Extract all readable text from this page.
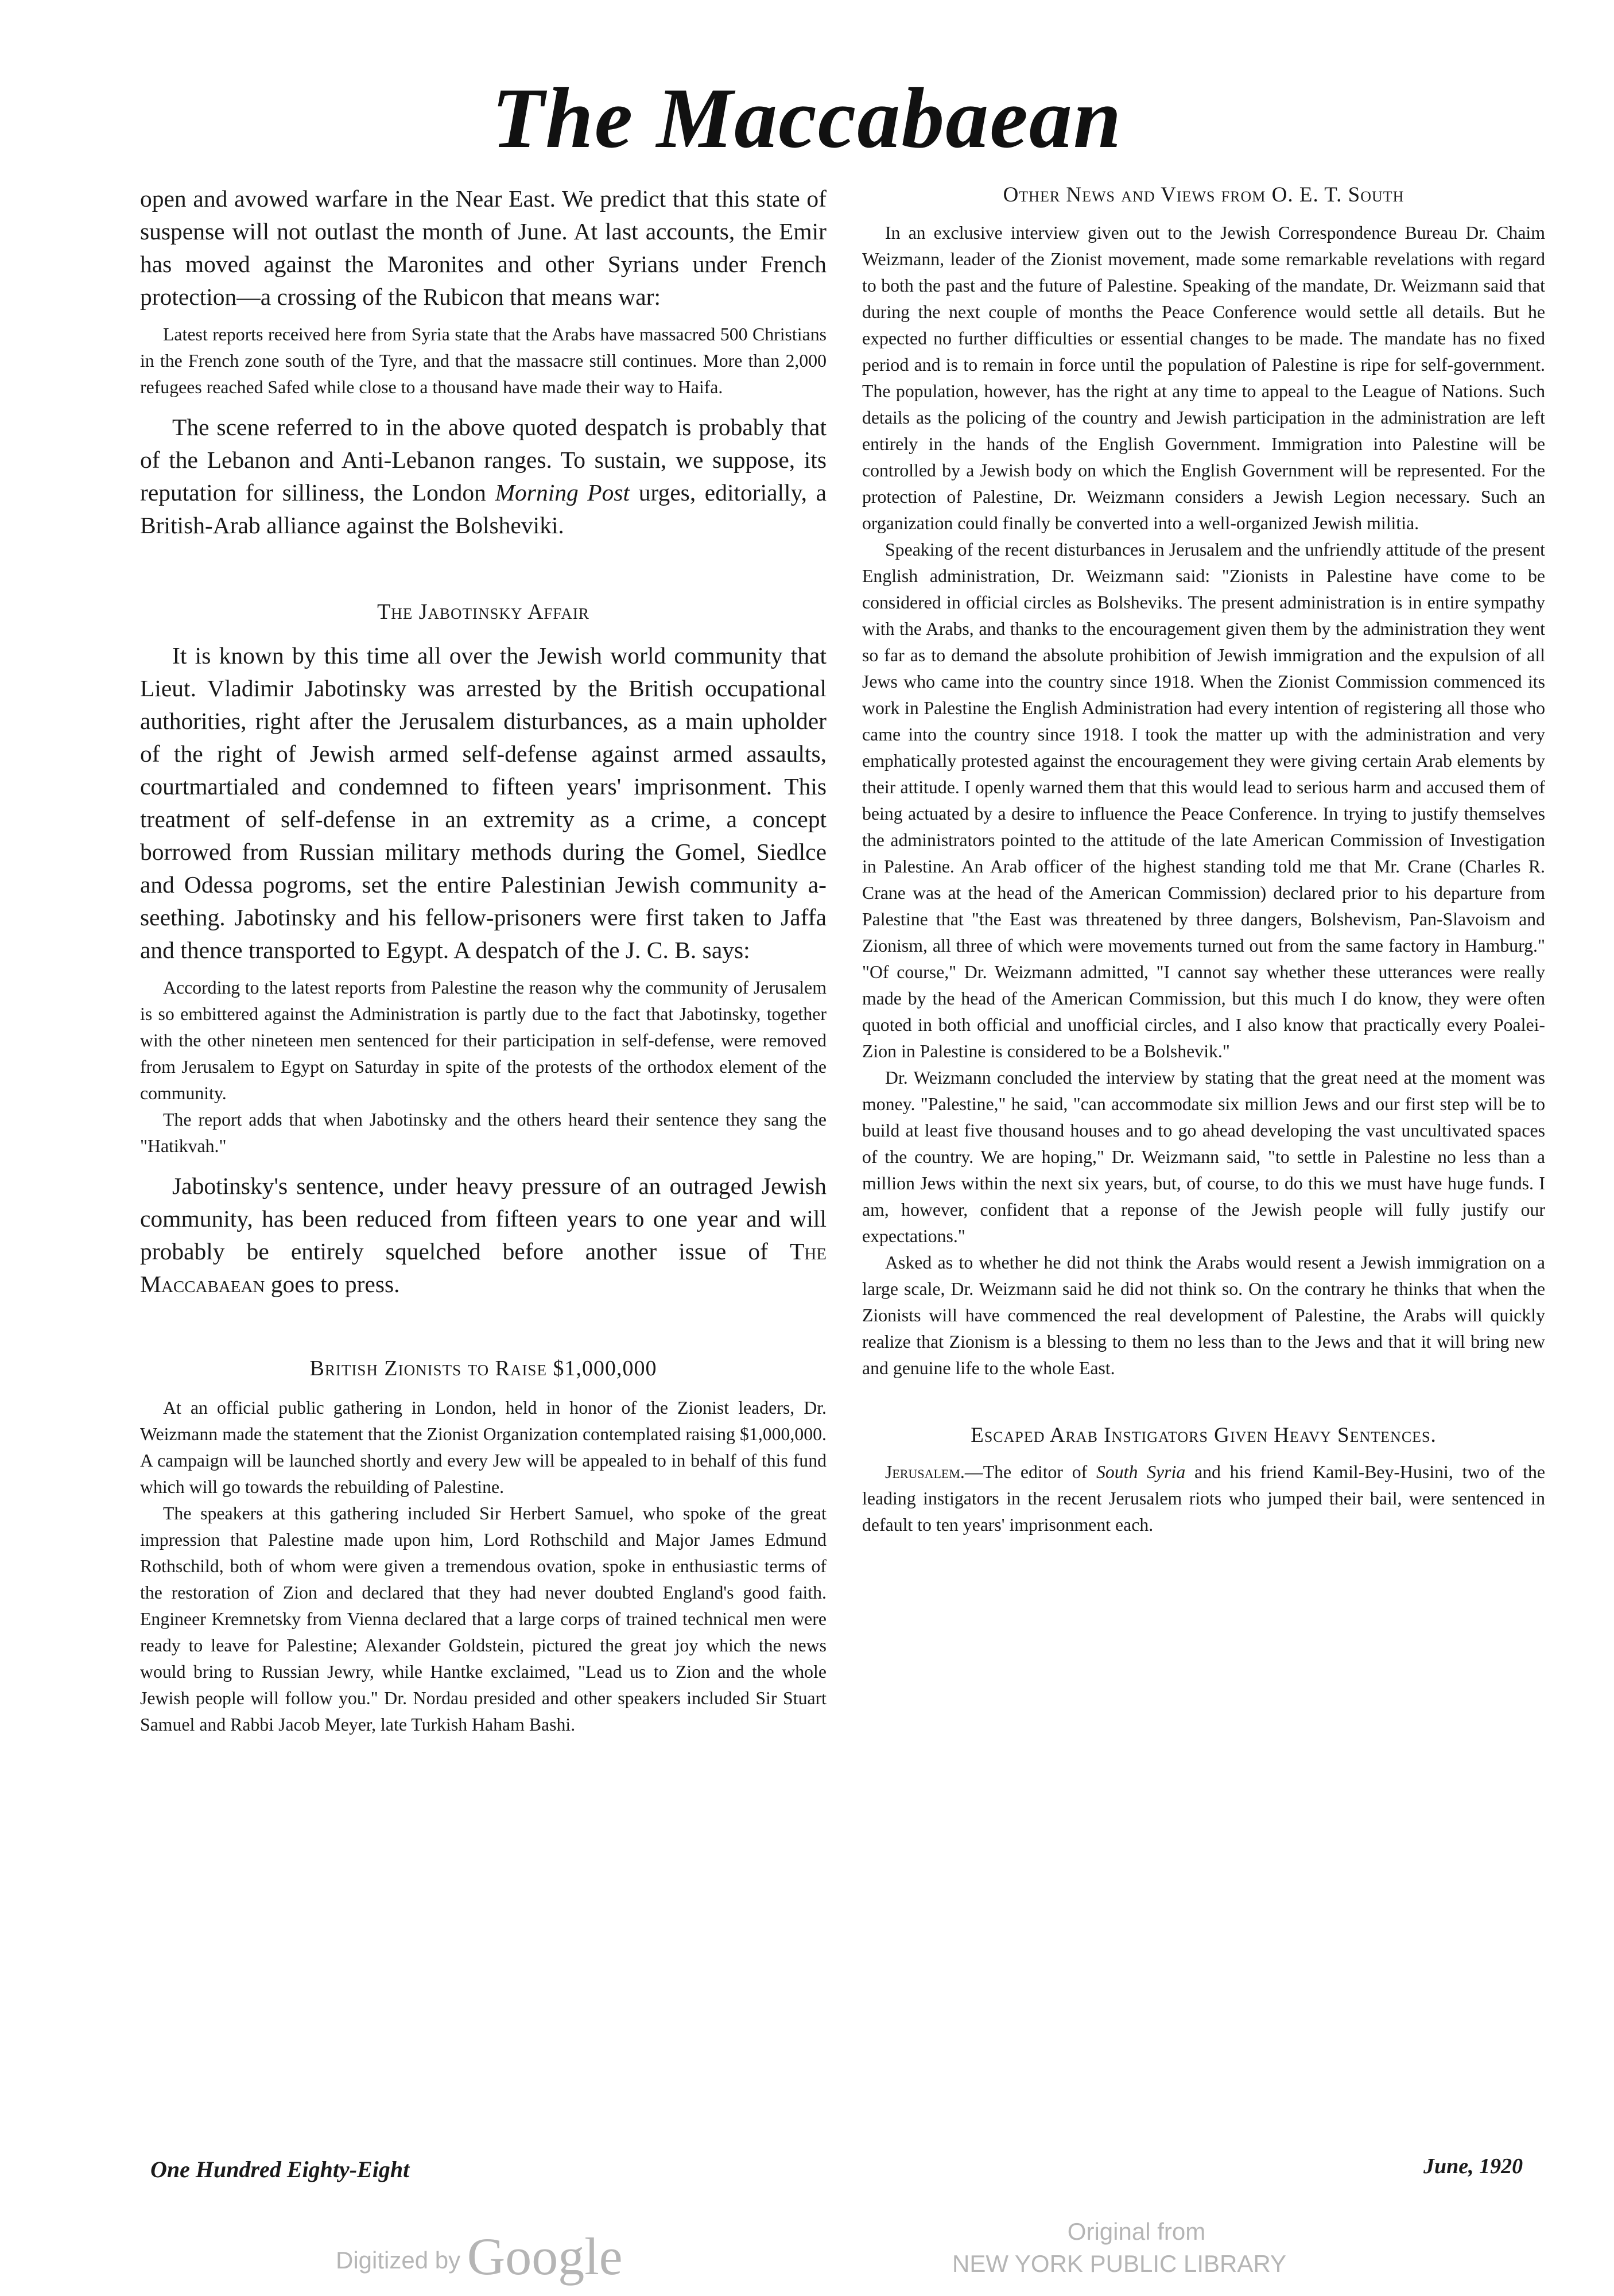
The Maccabaean

open and avowed warfare in the Near East. We predict that this state of suspense will not outlast the month of June. At last accounts, the Emir has moved against the Maronites and other Syrians under French protection—a crossing of the Rubicon that means war:

Latest reports received here from Syria state that the Arabs have massacred 500 Christians in the French zone south of the Tyre, and that the massacre still continues. More than 2,000 refugees reached Safed while close to a thousand have made their way to Haifa.

The scene referred to in the above quoted despatch is probably that of the Lebanon and Anti-Lebanon ranges. To sustain, we suppose, its reputation for silliness, the London Morning Post urges, editorially, a British-Arab alliance against the Bolsheviki.

The Jabotinsky Affair

It is known by this time all over the Jewish world community that Lieut. Vladimir Jabotinsky was arrested by the British occupational authorities, right after the Jerusalem disturbances, as a main upholder of the right of Jewish armed self-defense against armed assaults, courtmartialed and condemned to fifteen years' imprisonment. This treatment of self-defense in an extremity as a crime, a concept borrowed from Russian military methods during the Gomel, Siedlce and Odessa pogroms, set the entire Palestinian Jewish community a-seething. Jabotinsky and his fellow-prisoners were first taken to Jaffa and thence transported to Egypt. A despatch of the J. C. B. says:

According to the latest reports from Palestine the reason why the community of Jerusalem is so embittered against the Administration is partly due to the fact that Jabotinsky, together with the other nineteen men sentenced for their participation in self-defense, were removed from Jerusalem to Egypt on Saturday in spite of the protests of the orthodox element of the community.

The report adds that when Jabotinsky and the others heard their sentence they sang the "Hatikvah."

Jabotinsky's sentence, under heavy pressure of an outraged Jewish community, has been reduced from fifteen years to one year and will probably be entirely squelched before another issue of The Maccabaean goes to press.

British Zionists to Raise $1,000,000

At an official public gathering in London, held in honor of the Zionist leaders, Dr. Weizmann made the statement that the Zionist Organization contemplated raising $1,000,000. A campaign will be launched shortly and every Jew will be appealed to in behalf of this fund which will go towards the rebuilding of Palestine.

The speakers at this gathering included Sir Herbert Samuel, who spoke of the great impression that Palestine made upon him, Lord Rothschild and Major James Edmund Rothschild, both of whom were given a tremendous ovation, spoke in enthusiastic terms of the restoration of Zion and declared that they had never doubted England's good faith. Engineer Kremnetsky from Vienna declared that a large corps of trained technical men were ready to leave for Palestine; Alexander Goldstein, pictured the great joy which the news would bring to Russian Jewry, while Hantke exclaimed, "Lead us to Zion and the whole Jewish people will follow you." Dr. Nordau presided and other speakers included Sir Stuart Samuel and Rabbi Jacob Meyer, late Turkish Haham Bashi.

Other News and Views from O. E. T. South

In an exclusive interview given out to the Jewish Correspondence Bureau Dr. Chaim Weizmann, leader of the Zionist movement, made some remarkable revelations with regard to both the past and the future of Palestine. Speaking of the mandate, Dr. Weizmann said that during the next couple of months the Peace Conference would settle all details. But he expected no further difficulties or essential changes to be made. The mandate has no fixed period and is to remain in force until the population of Palestine is ripe for self-government. The population, however, has the right at any time to appeal to the League of Nations. Such details as the policing of the country and Jewish participation in the administration are left entirely in the hands of the English Government. Immigration into Palestine will be controlled by a Jewish body on which the English Government will be represented. For the protection of Palestine, Dr. Weizmann considers a Jewish Legion necessary. Such an organization could finally be converted into a well-organized Jewish militia.

Speaking of the recent disturbances in Jerusalem and the unfriendly attitude of the present English administration, Dr. Weizmann said: "Zionists in Palestine have come to be considered in official circles as Bolsheviks. The present administration is in entire sympathy with the Arabs, and thanks to the encouragement given them by the administration they went so far as to demand the absolute prohibition of Jewish immigration and the expulsion of all Jews who came into the country since 1918. When the Zionist Commission commenced its work in Palestine the English Administration had every intention of registering all those who came into the country since 1918. I took the matter up with the administration and very emphatically protested against the encouragement they were giving certain Arab elements by their attitude. I openly warned them that this would lead to serious harm and accused them of being actuated by a desire to influence the Peace Conference. In trying to justify themselves the administrators pointed to the attitude of the late American Commission of Investigation in Palestine. An Arab officer of the highest standing told me that Mr. Crane (Charles R. Crane was at the head of the American Commission) declared prior to his departure from Palestine that "the East was threatened by three dangers, Bolshevism, Pan-Slavoism and Zionism, all three of which were movements turned out from the same factory in Hamburg." "Of course," Dr. Weizmann admitted, "I cannot say whether these utterances were really made by the head of the American Commission, but this much I do know, they were often quoted in both official and unofficial circles, and I also know that practically every Poalei-Zion in Palestine is considered to be a Bolshevik."

Dr. Weizmann concluded the interview by stating that the great need at the moment was money. "Palestine," he said, "can accommodate six million Jews and our first step will be to build at least five thousand houses and to go ahead developing the vast uncultivated spaces of the country. We are hoping," Dr. Weizmann said, "to settle in Palestine no less than a million Jews within the next six years, but, of course, to do this we must have huge funds. I am, however, confident that a reponse of the Jewish people will fully justify our expectations."

Asked as to whether he did not think the Arabs would resent a Jewish immigration on a large scale, Dr. Weizmann said he did not think so. On the contrary he thinks that when the Zionists will have commenced the real development of Palestine, the Arabs will quickly realize that Zionism is a blessing to them no less than to the Jews and that it will bring new and genuine life to the whole East.

Escaped Arab Instigators Given Heavy Sentences.

Jerusalem.—The editor of South Syria and his friend Kamil-Bey-Husini, two of the leading instigators in the recent Jerusalem riots who jumped their bail, were sentenced in default to ten years' imprisonment each.

One Hundred Eighty-Eight	June, 1920
Digitized by Google	Original from
NEW YORK PUBLIC LIBRARY
